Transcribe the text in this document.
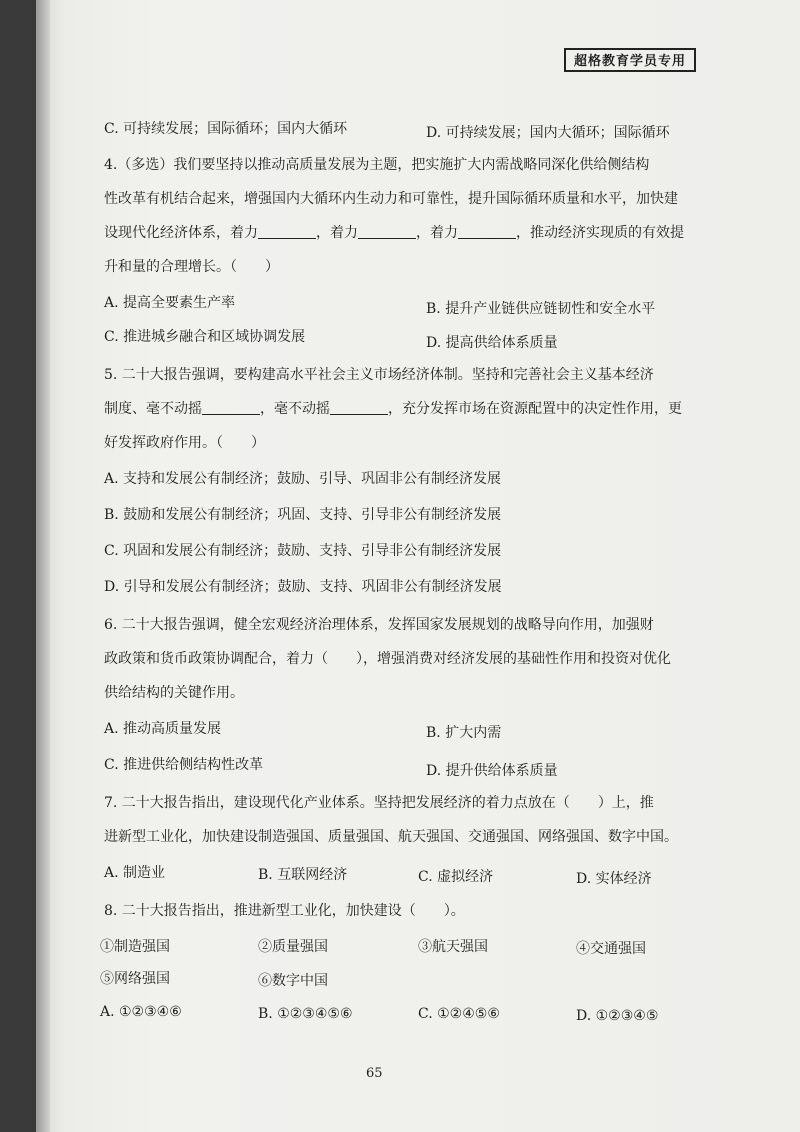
超格教育学员专用
C. 可持续发展；国际循环；国内大循环	D. 可持续发展；国内大循环；国际循环
4.（多选）我们要坚持以推动高质量发展为主题，把实施扩大内需战略同深化供给侧结构
性改革有机结合起来，增强国内大循环内生动力和可靠性，提升国际循环质量和水平，加快建
设现代化经济体系，着力	，着力	，着力	，推动经济实现质的有效提
升和量的合理增长。（ ）
A. 提高全要素生产率	B. 提升产业链供应链韧性和安全水平
C. 推进城乡融合和区域协调发展	D. 提高供给体系质量
5. 二十大报告强调，要构建高水平社会主义市场经济体制。坚持和完善社会主义基本经济
制度、毫不动摇	，毫不动摇	，充分发挥市场在资源配置中的决定性作用，更
好发挥政府作用。（ ）
A. 支持和发展公有制经济；鼓励、引导、巩固非公有制经济发展
B. 鼓励和发展公有制经济；巩固、支持、引导非公有制经济发展
C. 巩固和发展公有制经济；鼓励、支持、引导非公有制经济发展
D. 引导和发展公有制经济；鼓励、支持、巩固非公有制经济发展
6. 二十大报告强调，健全宏观经济治理体系，发挥国家发展规划的战略导向作用，加强财
政政策和货币政策协调配合，着力（ ），增强消费对经济发展的基础性作用和投资对优化
供给结构的关键作用。
A. 推动高质量发展	B. 扩大内需
C. 推进供给侧结构性改革	D. 提升供给体系质量
7. 二十大报告指出，建设现代化产业体系。坚持把发展经济的着力点放在（ ）上，推
进新型工业化，加快建设制造强国、质量强国、航天强国、交通强国、网络强国、数字中国。
A. 制造业	B. 互联网经济	C. 虚拟经济	D. 实体经济
8. 二十大报告指出，推进新型工业化，加快建设（ ）。
①制造强国	②质量强国	③航天强国	④交通强国
⑤网络强国	⑥数字中国
A. ①②③④⑥	B. ①②③④⑤⑥	C. ①②④⑤⑥	D. ①②③④⑤
65
